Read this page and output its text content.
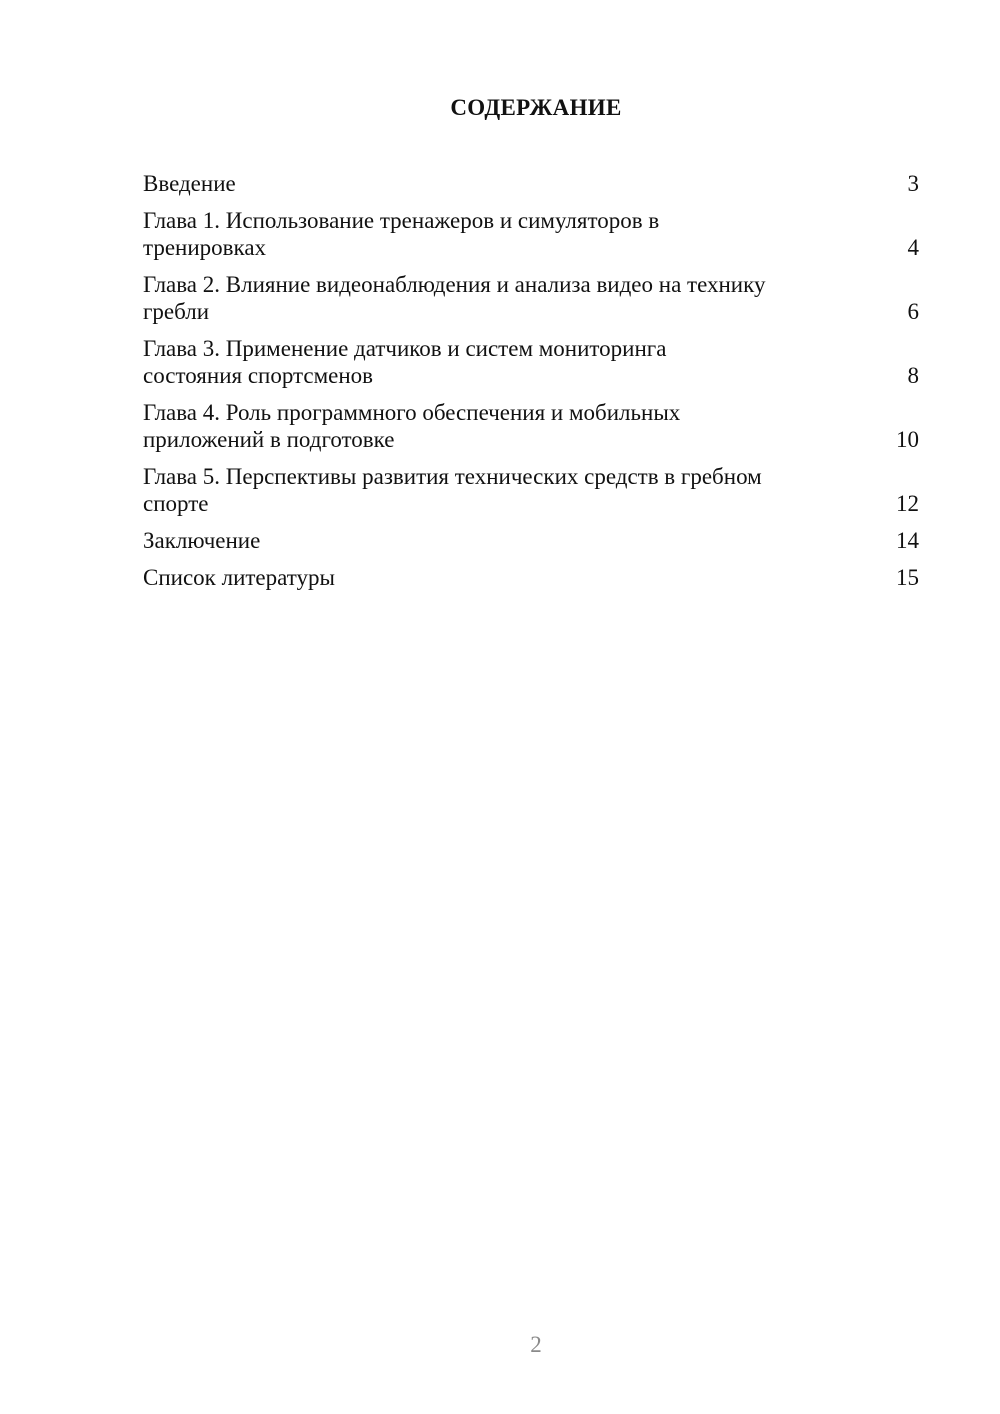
СОДЕРЖАНИЕ
Введение	3
Глава 1. Использование тренажеров и симуляторов в тренировках	4
Глава 2. Влияние видеонаблюдения и анализа видео на технику гребли	6
Глава 3. Применение датчиков и систем мониторинга состояния спортсменов	8
Глава 4. Роль программного обеспечения и мобильных приложений в подготовке	10
Глава 5. Перспективы развития технических средств в гребном спорте	12
Заключение	14
Список литературы	15
2
